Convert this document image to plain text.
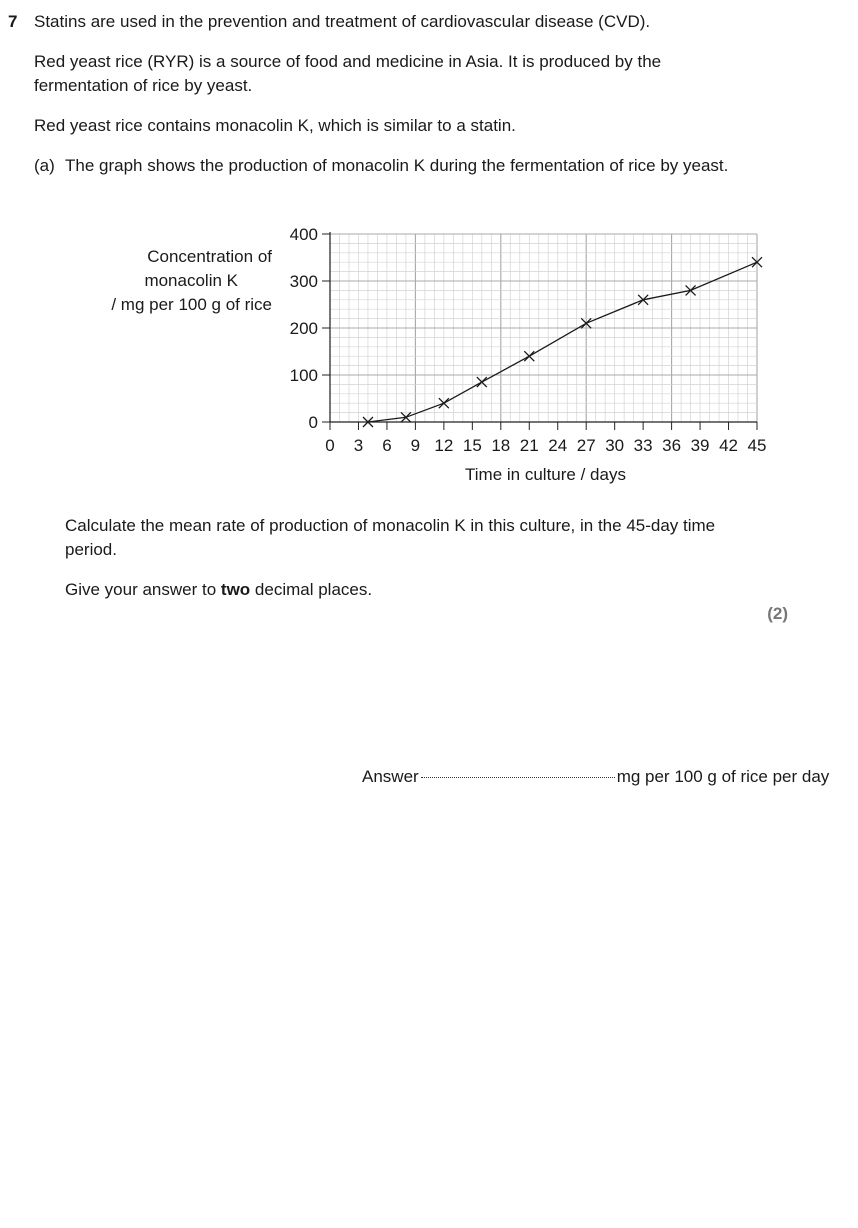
7 Statins are used in the prevention and treatment of cardiovascular disease (CVD).
Red yeast rice (RYR) is a source of food and medicine in Asia. It is produced by the fermentation of rice by yeast.
Red yeast rice contains monacolin K, which is similar to a statin.
(a) The graph shows the production of monacolin K during the fermentation of rice by yeast.
Concentration of
monacolin K
/ mg per 100 g of rice
0 3 6 9 12 15 18 21 24 27 30 33 36 39 42 45
0
100
200
300
400
Time in culture / days
Calculate the mean rate of production of monacolin K in this culture, in the 45-day time period.
Give your answer to two decimal places.
(2)
Answer	mg per 100 g of rice per day
